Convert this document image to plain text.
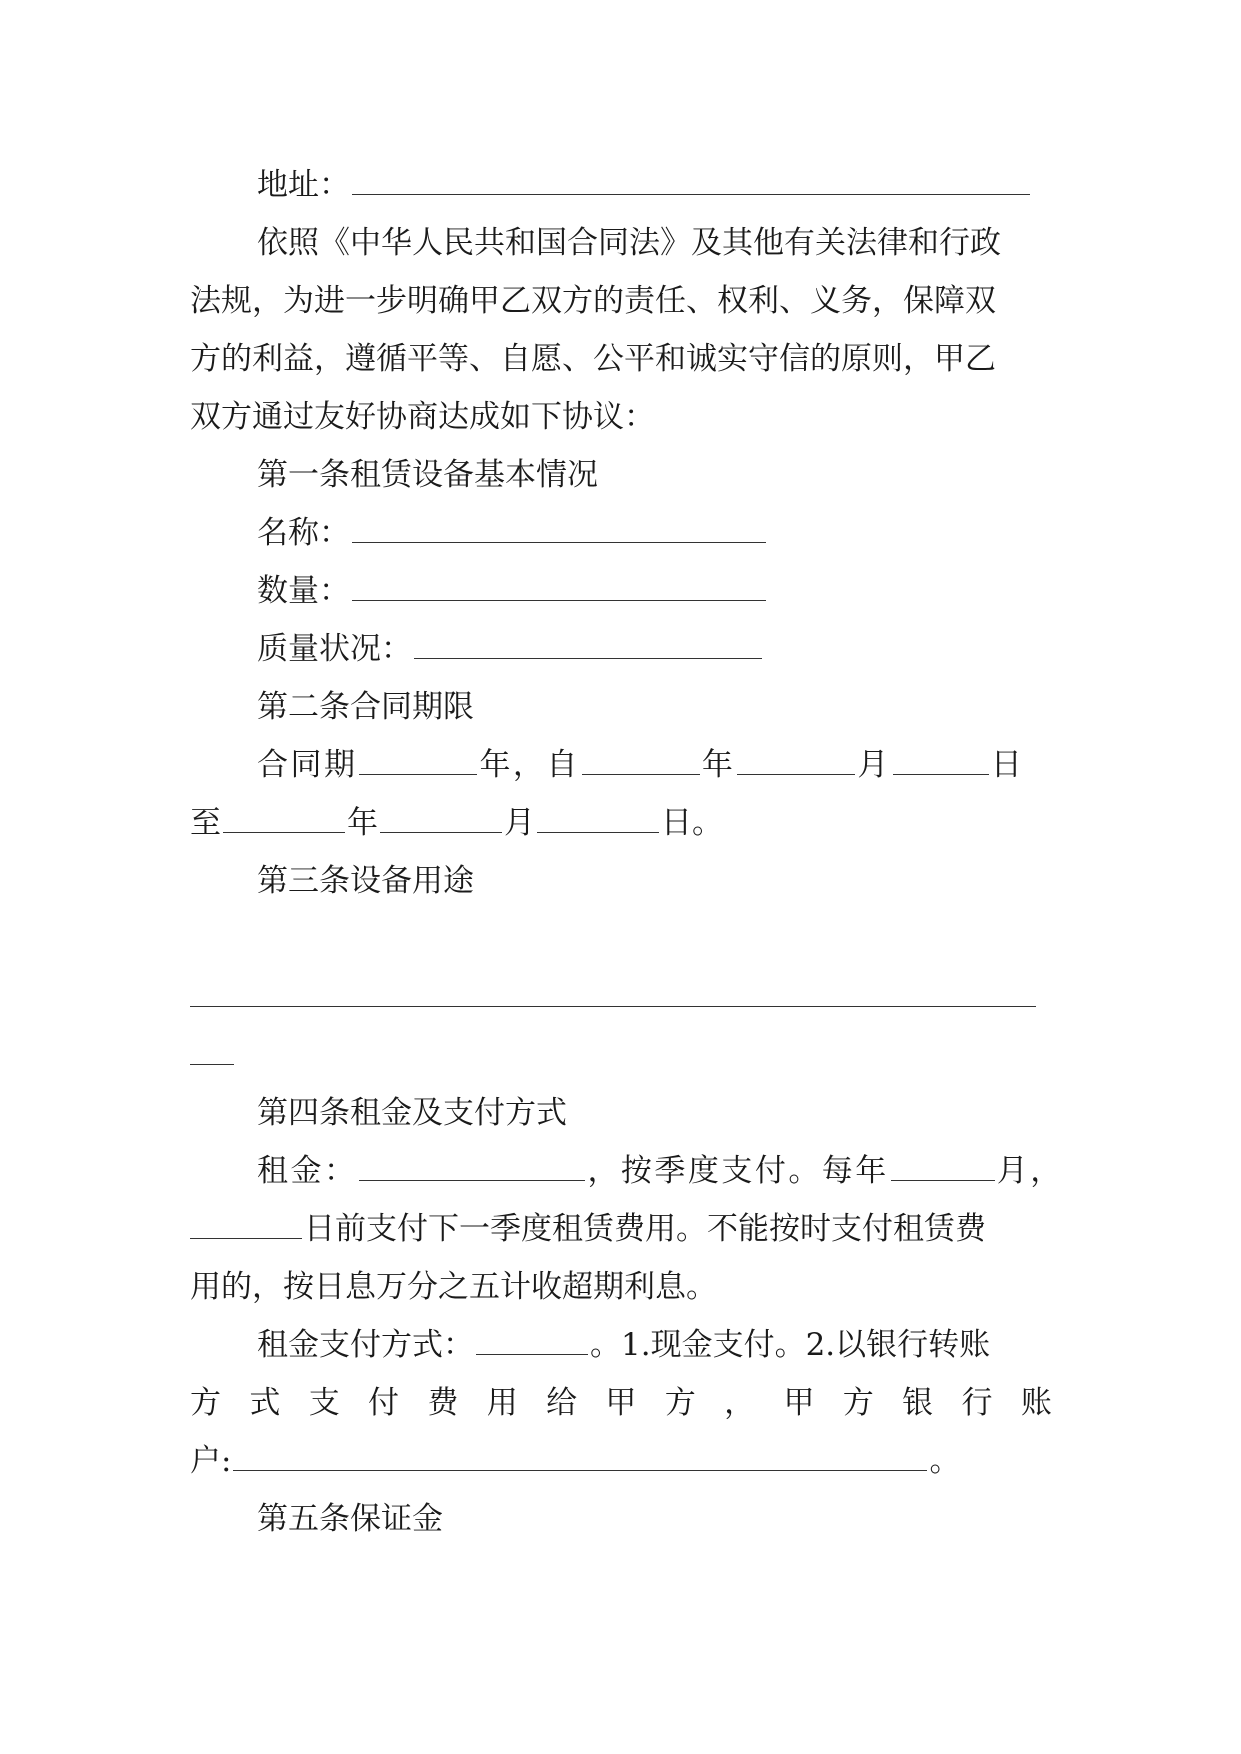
地址：
依照《中华人民共和国合同法》及其他有关法律和行政
法规，为进一步明确甲乙双方的责任、权利、义务，保障双
方的利益，遵循平等、自愿、公平和诚实守信的原则，甲乙
双方通过友好协商达成如下协议：
第一条租赁设备基本情况
名称：
数量：
质量状况：
第二条合同期限
合同期	年，自	年	月	日
至	年	月	日。
第三条设备用途
第四条租金及支付方式
租金：	，按季度支付。每年	月，
日前支付下一季度租赁费用。不能按时支付租赁费
用的，按日息万分之五计收超期利息。
租金支付方式：	。1.现金支付。2.以银行转账
方 式 支 付 费 用 给 甲 方 ， 甲 方 银 行 账
户:	。
第五条保证金
